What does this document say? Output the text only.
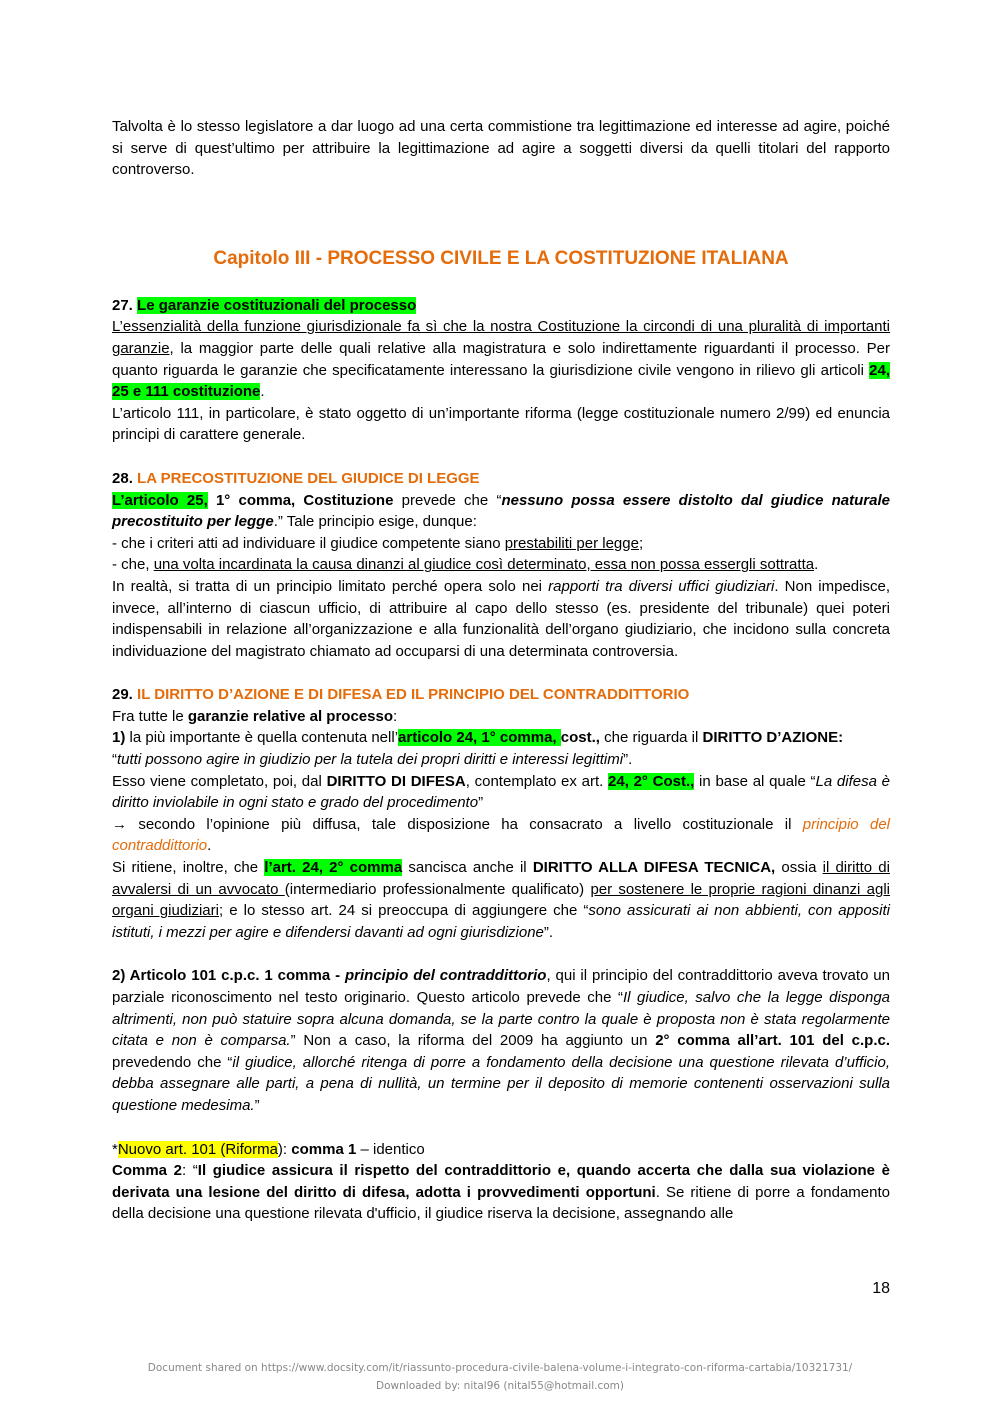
Talvolta è lo stesso legislatore a dar luogo ad una certa commistione tra legittimazione ed interesse ad agire, poiché si serve di quest’ultimo per attribuire la legittimazione ad agire a soggetti diversi da quelli titolari del rapporto controverso.

Capitolo III - PROCESSO CIVILE E LA COSTITUZIONE ITALIANA

27. Le garanzie costituzionali del processo

L’essenzialità della funzione giurisdizionale fa sì che la nostra Costituzione la circondi di una pluralità di importanti garanzie, la maggior parte delle quali relative alla magistratura e solo indirettamente riguardanti il processo. Per quanto riguarda le garanzie che specificatamente interessano la giurisdizione civile vengono in rilievo gli articoli 24, 25 e 111 costituzione.

L’articolo 111, in particolare, è stato oggetto di un’importante riforma (legge costituzionale numero 2/99) ed enuncia principi di carattere generale.

28. LA PRECOSTITUZIONE DEL GIUDICE DI LEGGE

L’articolo 25, 1° comma, Costituzione prevede che “nessuno possa essere distolto dal giudice naturale precostituito per legge.” Tale principio esige, dunque:

- che i criteri atti ad individuare il giudice competente siano prestabiliti per legge;

- che, una volta incardinata la causa dinanzi al giudice così determinato, essa non possa essergli sottratta.

In realtà, si tratta di un principio limitato perché opera solo nei rapporti tra diversi uffici giudiziari. Non impedisce, invece, all’interno di ciascun ufficio, di attribuire al capo dello stesso (es. presidente del tribunale) quei poteri indispensabili in relazione all’organizzazione e alla funzionalità dell’organo giudiziario, che incidono sulla concreta individuazione del magistrato chiamato ad occuparsi di una determinata controversia.

29. IL DIRITTO D’AZIONE E DI DIFESA ED IL PRINCIPIO DEL CONTRADDITTORIO

Fra tutte le garanzie relative al processo:

1) la più importante è quella contenuta nell’articolo 24, 1° comma, cost., che riguarda il DIRITTO D’AZIONE:
“tutti possono agire in giudizio per la tutela dei propri diritti e interessi legittimi”.

Esso viene completato, poi, dal DIRITTO DI DIFESA, contemplato ex art. 24, 2° Cost., in base al quale “La difesa è diritto inviolabile in ogni stato e grado del procedimento”

→ secondo l’opinione più diffusa, tale disposizione ha consacrato a livello costituzionale il principio del contraddittorio.

Si ritiene, inoltre, che l’art. 24, 2° comma sancisca anche il DIRITTO ALLA DIFESA TECNICA, ossia il diritto di avvalersi di un avvocato (intermediario professionalmente qualificato) per sostenere le proprie ragioni dinanzi agli organi giudiziari; e lo stesso art. 24 si preoccupa di aggiungere che “sono assicurati ai non abbienti, con appositi istituti, i mezzi per agire e difendersi davanti ad ogni giurisdizione”.

2) Articolo 101 c.p.c. 1 comma - principio del contraddittorio, qui il principio del contraddittorio aveva trovato un parziale riconoscimento nel testo originario. Questo articolo prevede che “Il giudice, salvo che la legge disponga altrimenti, non può statuire sopra alcuna domanda, se la parte contro la quale è proposta non è stata regolarmente citata e non è comparsa.” Non a caso, la riforma del 2009 ha aggiunto un 2° comma all’art. 101 del c.p.c. prevedendo che “il giudice, allorché ritenga di porre a fondamento della decisione una questione rilevata d’ufficio, debba assegnare alle parti, a pena di nullità, un termine per il deposito di memorie contenenti osservazioni sulla questione medesima.”

*Nuovo art. 101 (Riforma): comma 1 – identico

Comma 2: “Il giudice assicura il rispetto del contraddittorio e, quando accerta che dalla sua violazione è derivata una lesione del diritto di difesa, adotta i provvedimenti opportuni. Se ritiene di porre a fondamento della decisione una questione rilevata d'ufficio, il giudice riserva la decisione, assegnando alle

18
Document shared on https://www.docsity.com/it/riassunto-procedura-civile-balena-volume-i-integrato-con-riforma-cartabia/10321731/
Downloaded by: nital96 (nital55@hotmail.com)
